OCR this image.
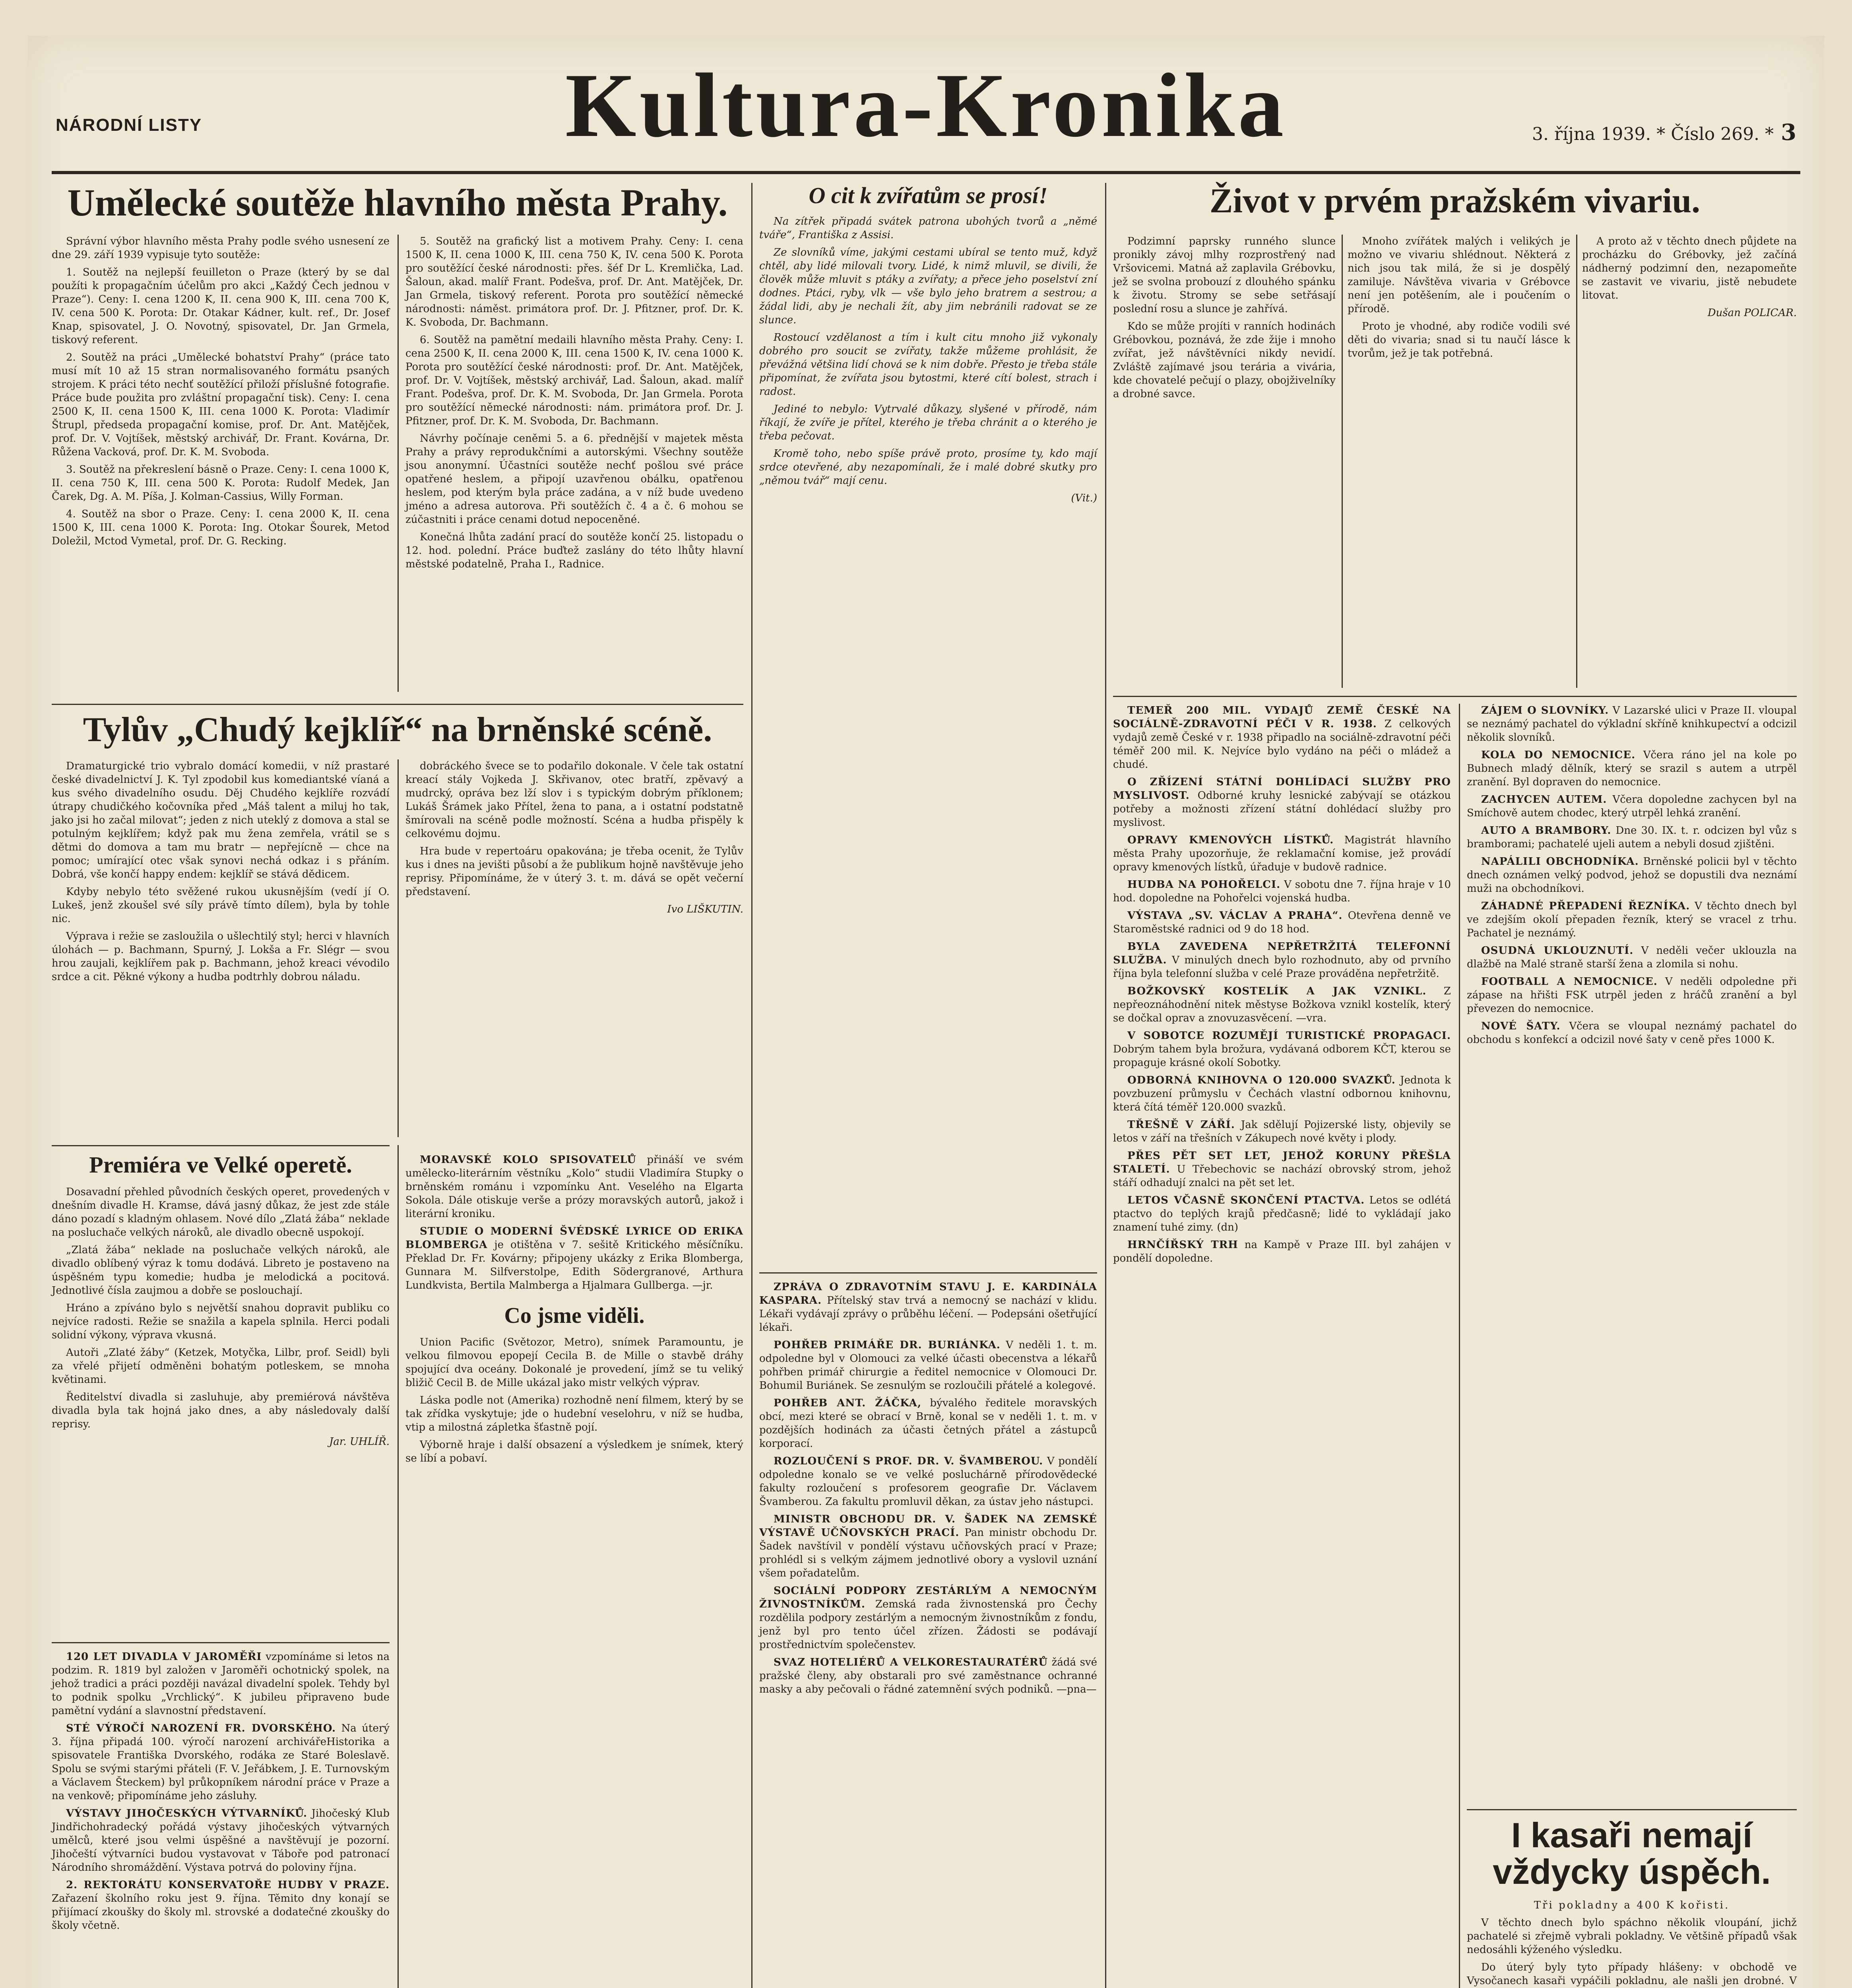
NÁRODNÍ LISTY	Kultura-Kronika	3. října 1939. * Číslo 269. * 3
Umělecké soutěže hlavního města Prahy.

Správní výbor hlavního města Prahy podle svého usnesení ze dne 29. září 1939 vypisuje tyto soutěže:

1. Soutěž na nejlepší feuilleton o Praze (který by se dal použíti k propagačním účelům pro akci „Každý Čech jednou v Praze“). Ceny: I. cena 1200 K, II. cena 900 K, III. cena 700 K, IV. cena 500 K. Porota: Dr. Otakar Kádner, kult. ref., Dr. Josef Knap, spisovatel, J. O. Novotný, spisovatel, Dr. Jan Grmela, tiskový referent.

2. Soutěž na práci „Umělecké bohatství Prahy“ (práce tato musí mít 10 až 15 stran normalisovaného formátu psaných strojem. K práci této nechť soutěžící přiloží příslušné fotografie. Práce bude použita pro zvláštní propagační tisk). Ceny: I. cena 2500 K, II. cena 1500 K, III. cena 1000 K. Porota: Vladimír Štrupl, předseda propagační komise, prof. Dr. Ant. Matějček, prof. Dr. V. Vojtíšek, městský archivář, Dr. Frant. Kovárna, Dr. Růžena Vacková, prof. Dr. K. M. Svoboda.

3. Soutěž na překreslení básně o Praze. Ceny: I. cena 1000 K, II. cena 750 K, III. cena 500 K. Porota: Rudolf Medek, Jan Čarek, Dg. A. M. Píša, J. Kolman-Cassius, Willy Forman.

4. Soutěž na sbor o Praze. Ceny: I. cena 2000 K, II. cena 1500 K, III. cena 1000 K. Porota: Ing. Otokar Šourek, Metod Doležil, Mctod Vymetal, prof. Dr. G. Recking.

5. Soutěž na grafický list a motivem Prahy. Ceny: I. cena 1500 K, II. cena 1000 K, III. cena 750 K, IV. cena 500 K. Porota pro soutěžící české národnosti: přes. šéf Dr L. Kremlička, Lad. Šaloun, akad. malíř Frant. Podešva, prof. Dr. Ant. Matějček, Dr. Jan Grmela, tiskový referent. Porota pro soutěžící německé národnosti: náměst. primátora prof. Dr. J. Pfitzner, prof. Dr. K. K. Svoboda, Dr. Bachmann.

6. Soutěž na pamětní medaili hlavního města Prahy. Ceny: I. cena 2500 K, II. cena 2000 K, III. cena 1500 K, IV. cena 1000 K. Porota pro soutěžící české národnosti: prof. Dr. Ant. Matějček, prof. Dr. V. Vojtíšek, městský archivář, Lad. Šaloun, akad. malíř Frant. Podešva, prof. Dr. K. M. Svoboda, Dr. Jan Grmela. Porota pro soutěžící německé národnosti: nám. primátora prof. Dr. J. Pfitzner, prof. Dr. K. M. Svoboda, Dr. Bachmann.

Návrhy počínaje ceněmi 5. a 6. přednější v majetek města Prahy a právy reprodukčními a autorskými. Všechny soutěže jsou anonymní. Účastníci soutěže nechť pošlou své práce opatřené heslem, a připojí uzavřenou obálku, opatřenou heslem, pod kterým byla práce zadána, a v níž bude uvedeno jméno a adresa autorova. Při soutěžích č. 4 a č. 6 mohou se zúčastniti i práce cenami dotud nepoceněné.

Konečná lhůta zadání prací do soutěže končí 25. listopadu o 12. hod. polední. Práce buďtež zaslány do této lhůty hlavní městské podatelně, Praha I., Radnice.

Tylův „Chudý kejklíř“ na brněnské scéně.

Dramaturgické trio vybralo domácí komedii, v níž prastaré české divadelnictví J. K. Tyl zpodobil kus komediantské víaná a kus svého divadelního osudu. Děj Chudého kejklíře rozvádí útrapy chudičkého kočovníka před „Máš talent a miluj ho tak, jako jsi ho začal milovat“; jeden z nich uteklý z domova a stal se potulným kejklířem; když pak mu žena zemřela, vrátil se s dětmi do domova a tam mu bratr — nepřejícně — chce na pomoc; umírající otec však synovi nechá odkaz i s přáním. Dobrá, vše končí happy endem: kejklíř se stává dědicem.

Kdyby nebylo této svěžené rukou ukusnějším (vedí jí O. Lukeš, jenž zkoušel své síly právě tímto dílem), byla by tohle nic.

Výprava i režie se zasloužila o ušlechtilý styl; herci v hlavních úlohách — p. Bachmann, Spurný, J. Lokša a Fr. Slégr — svou hrou zaujali, kejklířem pak p. Bachmann, jehož kreaci vévodilo srdce a cit. Pěkné výkony a hudba podtrhly dobrou náladu.

dobráckého švece se to podařilo dokonale. V čele tak ostatní kreací stály Vojkeda J. Skřivanov, otec bratří, zpěvavý a mudrcký, opráva bez lží slov i s typickým dobrým příklonem; Lukáš Šrámek jako Přítel, žena to pana, a i ostatní podstatně šmírovali na scéně podle možností. Scéna a hudba přispěly k celkovému dojmu.

Hra bude v repertoáru opakována; je třeba ocenit, že Tylův kus i dnes na jevišti působí a že publikum hojně navštěvuje jeho reprisy. Připomínáme, že v úterý 3. t. m. dává se opět večerní představení.

Ivo LIŠKUTIN.
Premiéra ve Velké operetě.

Dosavadní přehled původních českých operet, provedených v dnešním divadle H. Kramse, dává jasný důkaz, že jest zde stále dáno pozadí s kladným ohlasem. Nové dílo „Zlatá žába“ neklade na posluchače velkých nároků, ale divadlo obecně uspokojí.

„Zlatá žába“ neklade na posluchače velkých nároků, ale divadlo oblíbený výraz k tomu dodává. Libreto je postaveno na úspěšném typu komedie; hudba je melodická a pocitová. Jednotlivé čísla zaujmou a dobře se poslouchají.

Hráno a zpíváno bylo s největší snahou dopravit publiku co nejvíce radosti. Režie se snažila a kapela splnila. Herci podali solidní výkony, výprava vkusná.

Autoři „Zlaté žáby“ (Ketzek, Motyčka, Lilbr, prof. Seidl) byli za vřelé přijetí odměněni bohatým potleskem, se mnoha květinami.

Ředitelství divadla si zasluhuje, aby premiérová návštěva divadla byla tak hojná jako dnes, a aby následovaly další reprisy.

Jar. UHLÍŘ.

120 LET DIVADLA V JAROMĚŘI vzpomínáme si letos na podzim. R. 1819 byl založen v Jaroměři ochotnický spolek, na jehož tradici a práci později navázal divadelní spolek. Tehdy byl to podnik spolku „Vrchlický“. K jubileu připraveno bude pamětní vydání a slavnostní představení.

STÉ VÝROČÍ NAROZENÍ FR. DVORSKÉHO. Na úterý 3. října připadá 100. výročí narození archivářeHistorika a spisovatele Františka Dvorského, rodáka ze Staré Boleslavě. Spolu se svými starými přáteli (F. V. Jeřábkem, J. E. Turnovským a Václavem Šteckem) byl průkopníkem národní práce v Praze a na venkově; připomínáme jeho zásluhy.

VÝSTAVY JIHOČESKÝCH VÝTVARNÍKŮ. Jihočeský Klub Jindřichohradecký pořádá výstavy jihočeských výtvarných umělců, které jsou velmi úspěšné a navštěvují je pozorní. Jihočeští výtvarníci budou vystavovat v Táboře pod patronací Národního shromáždění. Výstava potrvá do poloviny října.

2. REKTORÁTU KONSERVATOŘE HUDBY V PRAZE. Zařazení školního roku jest 9. října. Těmito dny konají se přijímací zkoušky do školy ml. strovské a dodatečné zkoušky do školy včetně.

MORAVSKÉ KOLO SPISOVATELŮ přináší ve svém umělecko-literárním věstníku „Kolo“ studii Vladimíra Stupky o brněnském románu i vzpomínku Ant. Veselého na Elgarta Sokola. Dále otiskuje verše a prózy moravských autorů, jakož i literární kroniku.

STUDIE O MODERNÍ ŠVÉDSKÉ LYRICE OD ERIKA BLOMBERGA je otištěna v 7. sešitě Kritického měsíčníku. Překlad Dr. Fr. Kovárny; připojeny ukázky z Erika Blomberga, Gunnara M. Silfverstolpe, Edith Södergranové, Arthura Lundkvista, Bertila Malmberga a Hjalmara Gullberga. —jr.

Co jsme viděli.

Union Pacific (Světozor, Metro), snímek Paramountu, je velkou filmovou epopejí Cecila B. de Mille o stavbě dráhy spojující dva oceány. Dokonalé je provedení, jímž se tu veliký bližič Cecil B. de Mille ukázal jako mistr velkých výprav.

Láska podle not (Amerika) rozhodně není filmem, který by se tak zřídka vyskytuje; jde o hudební veselohru, v níž se hudba, vtip a milostná zápletka šťastně pojí.

Výborně hraje i další obsazení a výsledkem je snímek, který se líbí a pobaví.

O cit k zvířatům se prosí!

Na zítřek připadá svátek patrona ubohých tvorů a „němé tváře“, Františka z Assisi.

Ze slovníků víme, jakými cestami ubíral se tento muž, když chtěl, aby lidé milovali tvory. Lidé, k nimž mluvil, se divili, že člověk může mluvit s ptáky a zvířaty; a přece jeho poselství zní dodnes. Ptáci, ryby, vlk — vše bylo jeho bratrem a sestrou; a žádal lidi, aby je nechali žít, aby jim nebránili radovat se ze slunce.

Rostoucí vzdělanost a tím i kult citu mnoho již vykonaly dobrého pro soucit se zvířaty, takže můžeme prohlásit, že převážná většina lidí chová se k nim dobře. Přesto je třeba stále připomínat, že zvířata jsou bytostmi, které cítí bolest, strach i radost.

Jediné to nebylo: Vytrvalé důkazy, slyšené v přírodě, nám říkají, že zvíře je přítel, kterého je třeba chránit a o kterého je třeba pečovat.

Kromě toho, nebo spíše právě proto, prosíme ty, kdo mají srdce otevřené, aby nezapomínali, že i malé dobré skutky pro „němou tvář“ mají cenu.

(Vit.)

ZPRÁVA O ZDRAVOTNÍM STAVU J. E. KARDINÁLA KASPARA. Přítelský stav trvá a nemocný se nachází v klidu. Lékaři vydávají zprávy o průběhu léčení. — Podepsáni ošetřující lékaři.

POHŘEB PRIMÁŘE DR. BURIÁNKA. V neděli 1. t. m. odpoledne byl v Olomouci za velké účasti obecenstva a lékařů pohřben primář chirurgie a ředitel nemocnice v Olomouci Dr. Bohumil Buriánek. Se zesnulým se rozloučili přátelé a kolegové.

POHŘEB ANT. ŽÁČKA, bývalého ředitele moravských obcí, mezi které se obrací v Brně, konal se v neděli 1. t. m. v pozdějších hodinách za účasti četných přátel a zástupců korporací.

ROZLOUČENÍ S PROF. DR. V. ŠVAMBEROU. V pondělí odpoledne konalo se ve velké posluchárně přírodovědecké fakulty rozloučení s profesorem geografie Dr. Václavem Švamberou. Za fakultu promluvil děkan, za ústav jeho nástupci.

MINISTR OBCHODU DR. V. ŠADEK NA ZEMSKÉ VÝSTAVĚ UČŇOVSKÝCH PRACÍ. Pan ministr obchodu Dr. Šadek navštívil v pondělí výstavu učňovských prací v Praze; prohlédl si s velkým zájmem jednotlivé obory a vyslovil uznání všem pořadatelům.

SOCIÁLNÍ PODPORY ZESTÁRLÝM A NEMOCNÝM ŽIVNOSTNÍKŮM. Zemská rada živnostenská pro Čechy rozdělila podpory zestárlým a nemocným živnostníkům z fondu, jenž byl pro tento účel zřízen. Žádosti se podávají prostřednictvím společenstev.

SVAZ HOTELIÉRŮ A VELKORESTAURATÉRŮ žádá své pražské členy, aby obstarali pro své zaměstnance ochranné masky a aby pečovali o řádné zatemnění svých podniků. —pna—

Život v prvém pražském vivariu.

Podzimní paprsky runného slunce pronikly závoj mlhy rozprostřený nad Vršovicemi. Matná až zaplavila Grébovku, jež se svolna probouzí z dlouhého spánku k životu. Stromy se sebe setřásají poslední rosu a slunce je zahřívá.

Kdo se může projíti v ranních hodinách Grébovkou, poznává, že zde žije i mnoho zvířat, jež návštěvníci nikdy nevidí. Zvláště zajímavé jsou terária a vivária, kde chovatelé pečují o plazy, obojživelníky a drobné savce.

Mnoho zvířátek malých i velikých je možno ve vivariu shlédnout. Některá z nich jsou tak milá, že si je dospělý zamiluje. Návštěva vivaria v Grébovce není jen potěšením, ale i poučením o přírodě.

Proto je vhodné, aby rodiče vodili své děti do vivaria; snad si tu naučí lásce k tvorům, jež je tak potřebná.

A proto až v těchto dnech půjdete na procházku do Grébovky, jež začíná nádherný podzimní den, nezapomeňte se zastavit ve vivariu, jistě nebudete litovat.

Dušan POLICAR.

TEMEŘ 200 MIL. VYDAJŮ ZEMĚ ČESKÉ NA SOCIÁLNĚ-ZDRAVOTNÍ PÉČI V R. 1938. Z celkových vydajů země České v r. 1938 připadlo na sociálně-zdravotní péči téměř 200 mil. K. Nejvíce bylo vydáno na péči o mládež a chudé.

O ZŘÍZENÍ STÁTNÍ DOHLÍDACÍ SLUŽBY PRO MYSLIVOST. Odborné kruhy lesnické zabývají se otázkou potřeby a možnosti zřízení státní dohlédací služby pro myslivost.

OPRAVY KMENOVÝCH LÍSTKŮ. Magistrát hlavního města Prahy upozorňuje, že reklamační komise, jež provádí opravy kmenových lístků, úřaduje v budově radnice.

HUDBA NA POHOŘELCI. V sobotu dne 7. října hraje v 10 hod. dopoledne na Pohořelci vojenská hudba.

VÝSTAVA „SV. VÁCLAV A PRAHA“. Otevřena denně ve Staroměstské radnici od 9 do 18 hod.

BYLA ZAVEDENA NEPŘETRŽITÁ TELEFONNÍ SLUŽBA. V minulých dnech bylo rozhodnuto, aby od prvního října byla telefonní služba v celé Praze prováděna nepřetržitě.

BOŽKOVSKÝ KOSTELÍK A JAK VZNIKL. Z nepřeoznáhodnění nitek městyse Božkova vznikl kostelík, který se dočkal oprav a znovuzasvěcení. —vra.

V SOBOTCE ROZUMĚJÍ TURISTICKÉ PROPAGACI. Dobrým tahem byla brožura, vydávaná odborem KČT, kterou se propaguje krásné okolí Sobotky.

ODBORNÁ KNIHOVNA O 120.000 SVAZKŮ. Jednota k povzbuzení průmyslu v Čechách vlastní odbornou knihovnu, která čítá téměř 120.000 svazků.

TŘEŠNĚ V ZÁŘÍ. Jak sdělují Pojizerské listy, objevily se letos v září na třešních v Zákupech nové květy i plody.

PŘES PĚT SET LET, JEHOŽ KORUNY PŘEŠLA STALETÍ. U Třebechovic se nachází obrovský strom, jehož stáří odhadují znalci na pět set let.

LETOS VČASNĚ SKONČENÍ PTACTVA. Letos se odlétá ptactvo do teplých krajů předčasně; lidé to vykládají jako znamení tuhé zimy. (dn)

HRNČÍŘSKÝ TRH na Kampě v Praze III. byl zahájen v pondělí dopoledne.

ZÁJEM O SLOVNÍKY. V Lazarské ulici v Praze II. vloupal se neznámý pachatel do výkladní skříně knihkupectví a odcizil několik slovníků.

KOLA DO NEMOCNICE. Včera ráno jel na kole po Bubnech mladý dělník, který se srazil s autem a utrpěl zranění. Byl dopraven do nemocnice.

ZACHYCEN AUTEM. Včera dopoledne zachycen byl na Smíchově autem chodec, který utrpěl lehká zranění.

AUTO A BRAMBORY. Dne 30. IX. t. r. odcizen byl vůz s bramborami; pachatelé ujeli autem a nebyli dosud zjištěni.

NAPÁLILI OBCHODNÍKA. Brněnské policii byl v těchto dnech oznámen velký podvod, jehož se dopustili dva neznámí muži na obchodníkovi.

ZÁHADNÉ PŘEPADENÍ ŘEZNÍKA. V těchto dnech byl ve zdejším okolí přepaden řezník, který se vracel z trhu. Pachatel je neznámý.

OSUDNÁ UKLOUZNUTÍ. V neděli večer uklouzla na dlažbě na Malé straně starší žena a zlomila si nohu.

FOOTBALL A NEMOCNICE. V neděli odpoledne při zápase na hřišti FSK utrpěl jeden z hráčů zranění a byl převezen do nemocnice.

NOVÉ ŠATY. Včera se vloupal neznámý pachatel do obchodu s konfekcí a odcizil nové šaty v ceně přes 1000 K.

I kasaři nemají vždycky úspěch.

Tři pokladny a 400 K kořisti.

V těchto dnech bylo spáchno několik vloupání, jichž pachatelé si zřejmě vybrali pokladny. Ve většině případů však nedosáhli kýženého výsledku.

Do úterý byly tyto případy hlášeny: v obchodě ve Vysočanech kasaři vypáčili pokladnu, ale našli jen drobné. V
